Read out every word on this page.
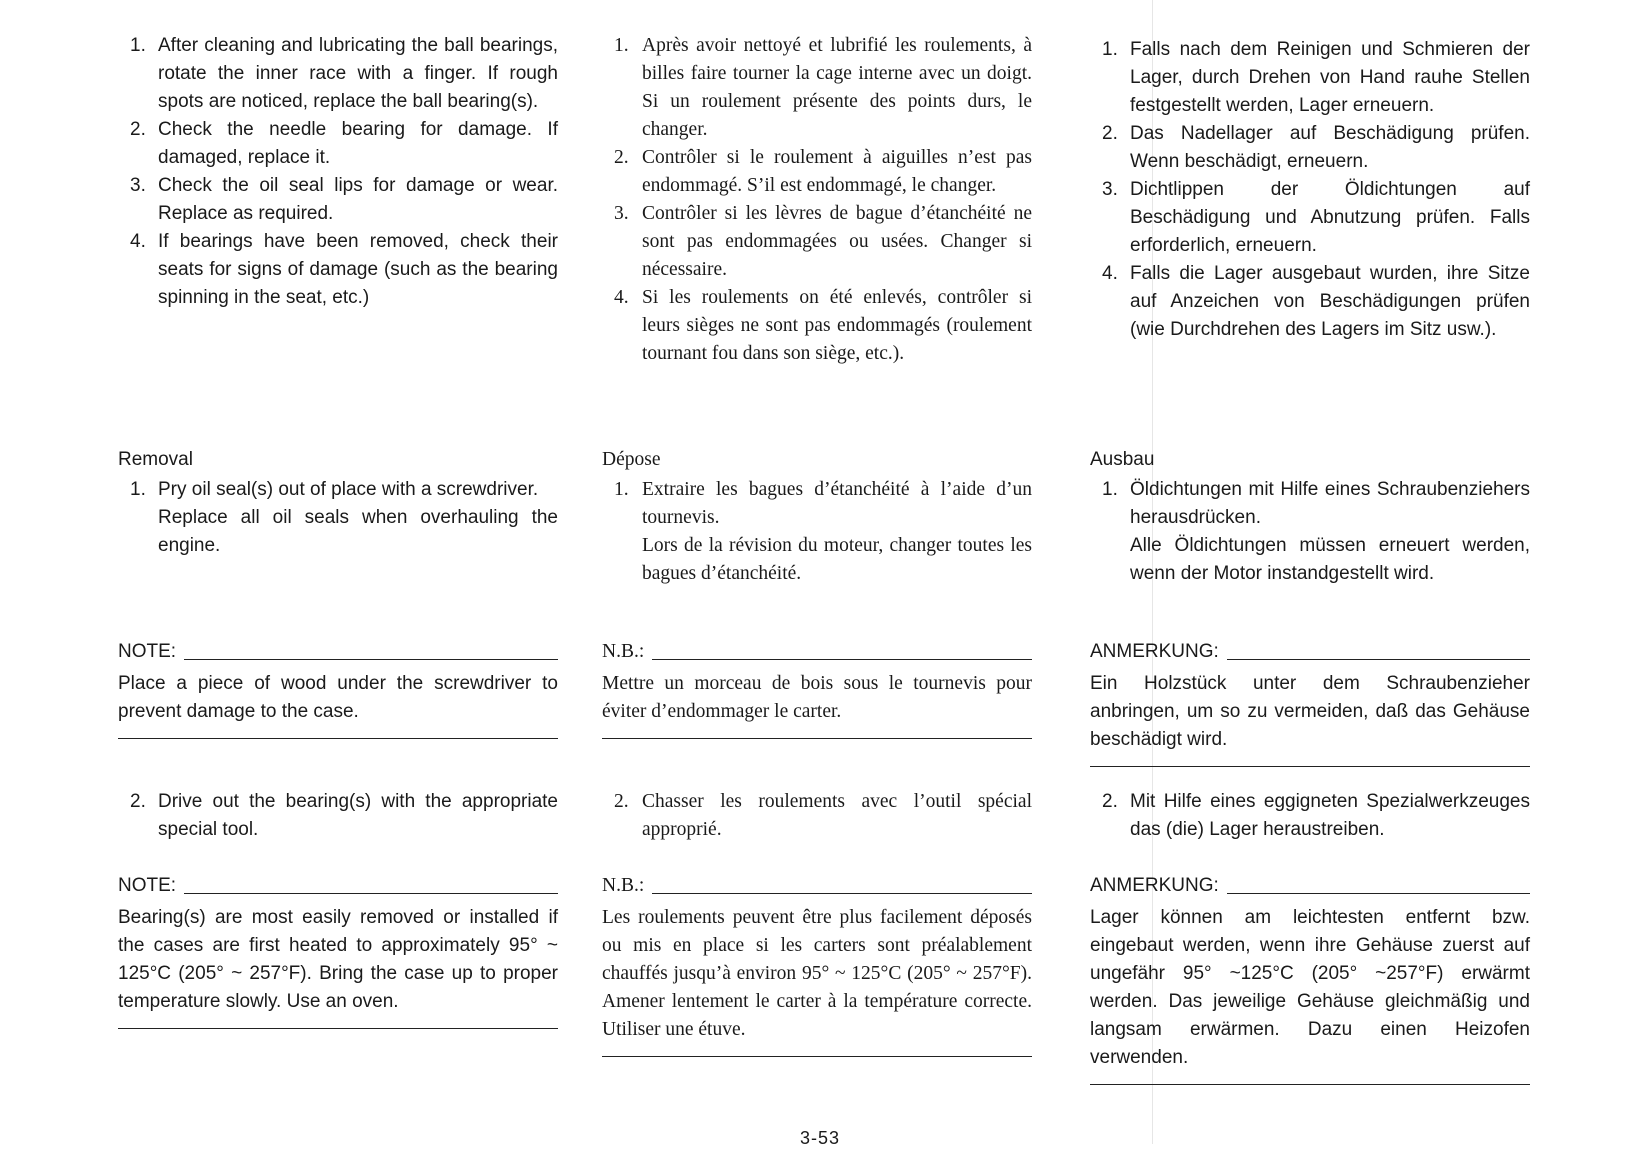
1. After cleaning and lubricating the ball bearings, rotate the inner race with a finger. If rough spots are noticed, replace the ball bearing(s).
2. Check the needle bearing for damage. If damaged, replace it.
3. Check the oil seal lips for damage or wear. Replace as required.
4. If bearings have been removed, check their seats for signs of damage (such as the bearing spinning in the seat, etc.)
Removal
1. Pry oil seal(s) out of place with a screwdriver.

Replace all oil seals when overhauling the engine.

NOTE:
Place a piece of wood under the screwdriver to prevent damage to the case.
2. Drive out the bearing(s) with the appropriate special tool.
NOTE:
Bearing(s) are most easily removed or installed if the cases are first heated to approximately 95° ~ 125°C (205° ~ 257°F). Bring the case up to proper temperature slowly. Use an oven.
1. Après avoir nettoyé et lubrifié les roulements, à billes faire tourner la cage interne avec un doigt. Si un roulement présente des points durs, le changer.
2. Contrôler si le roulement à aiguilles n’est pas endommagé. S’il est endommagé, le changer.
3. Contrôler si les lèvres de bague d’étanchéité ne sont pas endommagées ou usées. Changer si nécessaire.
4. Si les roulements on été enlevés, contrôler si leurs sièges ne sont pas endommagés (roulement tournant fou dans son siège, etc.).
Dépose
1. Extraire les bagues d’étanchéité à l’aide d’un tournevis.

Lors de la révision du moteur, changer toutes les bagues d’étanchéité.

N.B.:
Mettre un morceau de bois sous le tournevis pour éviter d’endommager le carter.
2. Chasser les roulements avec l’outil spécial approprié.
N.B.:
Les roulements peuvent être plus facilement déposés ou mis en place si les carters sont préalablement chauffés jusqu’à environ 95° ~ 125°C (205° ~ 257°F). Amener lentement le carter à la température correcte. Utiliser une étuve.
1. Falls nach dem Reinigen und Schmieren der Lager, durch Drehen von Hand rauhe Stellen festgestellt werden, Lager erneuern.
2. Das Nadellager auf Beschädigung prüfen. Wenn beschädigt, erneuern.
3. Dichtlippen der Öldichtungen auf Beschädigung und Abnutzung prüfen. Falls erforderlich, erneuern.
4. Falls die Lager ausgebaut wurden, ihre Sitze auf Anzeichen von Beschädigungen prüfen (wie Durchdrehen des Lagers im Sitz usw.).
Ausbau
1. Öldichtungen mit Hilfe eines Schraubenziehers herausdrücken.

Alle Öldichtungen müssen erneuert werden, wenn der Motor instandgestellt wird.

ANMERKUNG:
Ein Holzstück unter dem Schraubenzieher anbringen, um so zu vermeiden, daß das Gehäuse beschädigt wird.
2. Mit Hilfe eines eggigneten Spezialwerkzeuges das (die) Lager heraustreiben.
ANMERKUNG:
Lager können am leichtesten entfernt bzw. eingebaut werden, wenn ihre Gehäuse zuerst auf ungefähr 95° ~125°C (205° ~257°F) erwärmt werden. Das jeweilige Gehäuse gleichmäßig und langsam erwärmen. Dazu einen Heizofen verwenden.
3-53
